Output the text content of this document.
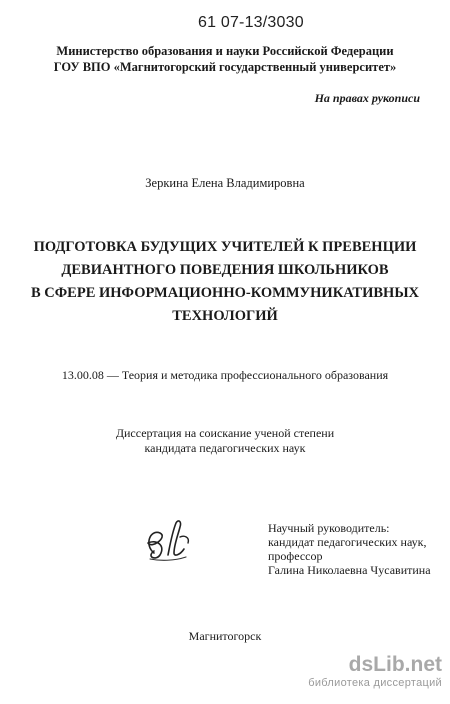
61 07-13/3030
Министерство образования и науки Российской Федерации
ГОУ ВПО «Магнитогорский государственный университет»
На правах рукописи
Зеркина Елена Владимировна
ПОДГОТОВКА БУДУЩИХ УЧИТЕЛЕЙ К ПРЕВЕНЦИИ
ДЕВИАНТНОГО ПОВЕДЕНИЯ ШКОЛЬНИКОВ
В СФЕРЕ ИНФОРМАЦИОННО-КОММУНИКАТИВНЫХ
ТЕХНОЛОГИЙ
13.00.08 — Теория и методика профессионального образования
Диссертация на соискание ученой степени
кандидата педагогических наук
Научный руководитель:
кандидат педагогических наук,
профессор
Галина Николаевна Чусавитина
Магнитогорск
dsLib.net
библиотека диссертаций
